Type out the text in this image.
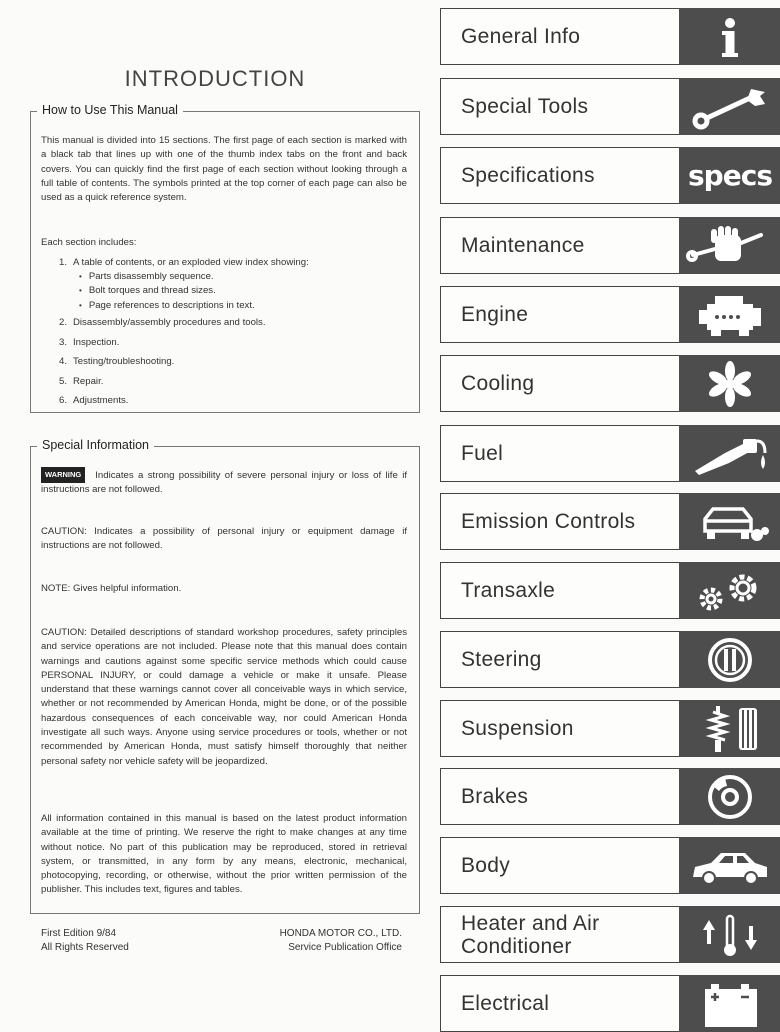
INTRODUCTION
How to Use This Manual
This manual is divided into 15 sections. The first page of each section is marked with a black tab that lines up with one of the thumb index tabs on the front and back covers. You can quickly find the first page of each section without looking through a full table of contents. The symbols printed at the top corner of each page can also be used as a quick reference system.
Each section includes:
1. A table of contents, or an exploded view index showing:
• Parts disassembly sequence.
• Bolt torques and thread sizes.
• Page references to descriptions in text.
2. Disassembly/assembly procedures and tools.
3. Inspection.
4. Testing/troubleshooting.
5. Repair.
6. Adjustments.
Special Information
WARNING Indicates a strong possibility of severe personal injury or loss of life if instructions are not followed.
CAUTION: Indicates a possibility of personal injury or equipment damage if instructions are not followed.
NOTE: Gives helpful information.
CAUTION: Detailed descriptions of standard workshop procedures, safety principles and service operations are not included. Please note that this manual does contain warnings and cautions against some specific service methods which could cause PERSONAL INJURY, or could damage a vehicle or make it unsafe. Please understand that these warnings cannot cover all conceivable ways in which service, whether or not recommended by American Honda, might be done, or of the possible hazardous consequences of each conceivable way, nor could American Honda investigate all such ways. Anyone using service procedures or tools, whether or not recommended by American Honda, must satisfy himself thoroughly that neither personal safety nor vehicle safety will be jeopardized.
All information contained in this manual is based on the latest product information available at the time of printing. We reserve the right to make changes at any time without notice. No part of this publication may be reproduced, stored in retrieval system, or transmitted, in any form by any means, electronic, mechanical, photocopying, recording, or otherwise, without the prior written permission of the publisher. This includes text, figures and tables.
First Edition 9/84
All Rights Reserved
HONDA MOTOR CO., LTD.
Service Publication Office
General Info
Special Tools
Specifications	specs
Maintenance
Engine
Cooling
Fuel
Emission Controls
Transaxle
Steering
Suspension
Brakes
Body
Heater and Air Conditioner
Electrical
